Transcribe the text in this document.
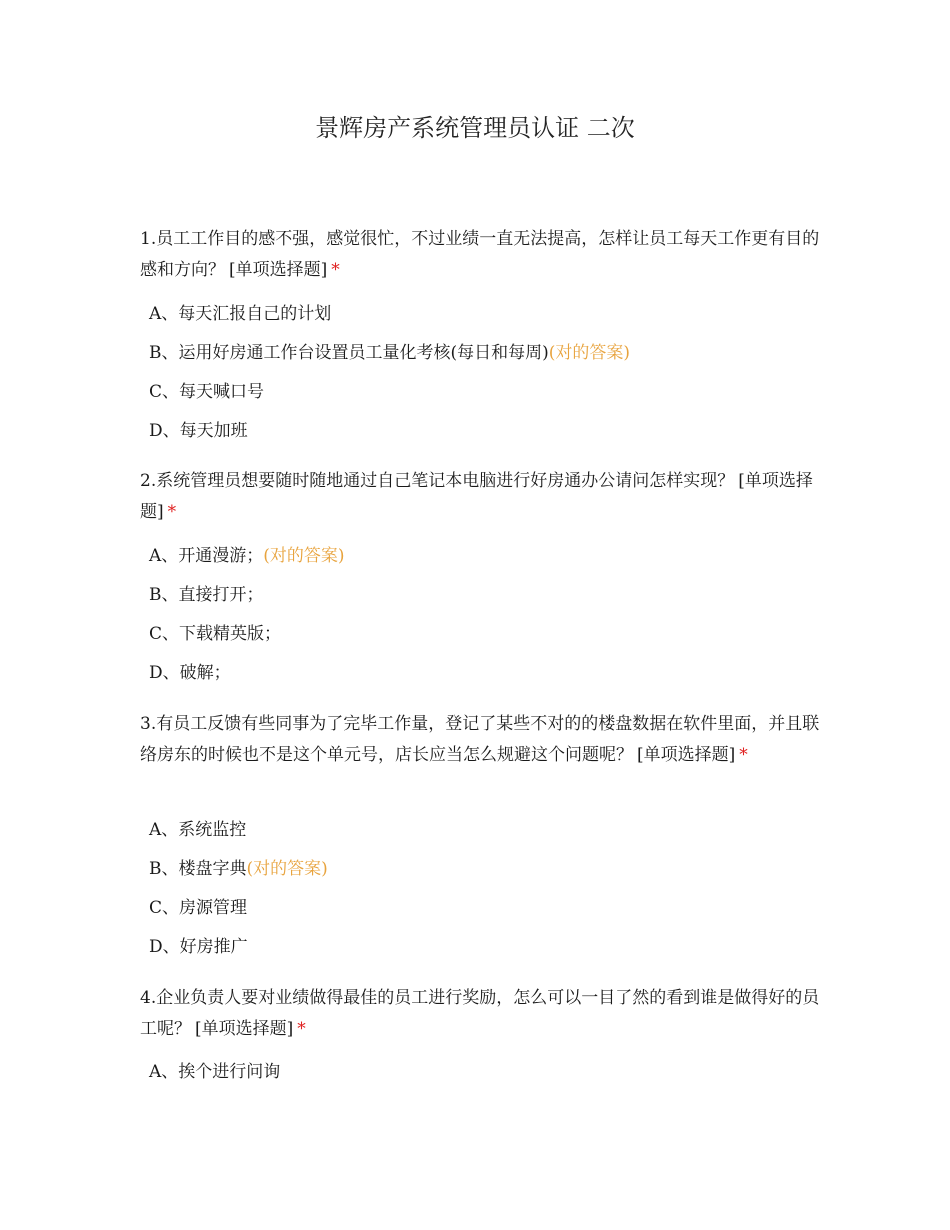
景辉房产系统管理员认证 二次
1.员工工作目的感不强，感觉很忙，不过业绩一直无法提高，怎样让员工每天工作更有目的感和方向？ [单项选择题] *
A、每天汇报自己的计划
B、运用好房通工作台设置员工量化考核(每日和每周)(对的答案)
C、每天喊口号
D、每天加班
2.系统管理员想要随时随地通过自己笔记本电脑进行好房通办公请问怎样实现？ [单项选择题] *
A、开通漫游；(对的答案)
B、直接打开；
C、下载精英版；
D、破解；
3.有员工反馈有些同事为了完毕工作量，登记了某些不对的的楼盘数据在软件里面，并且联络房东的时候也不是这个单元号，店长应当怎么规避这个问题呢？ [单项选择题] *
A、系统监控
B、楼盘字典(对的答案)
C、房源管理
D、好房推广
4.企业负责人要对业绩做得最佳的员工进行奖励，怎么可以一目了然的看到谁是做得好的员工呢？ [单项选择题] *
A、挨个进行问询
